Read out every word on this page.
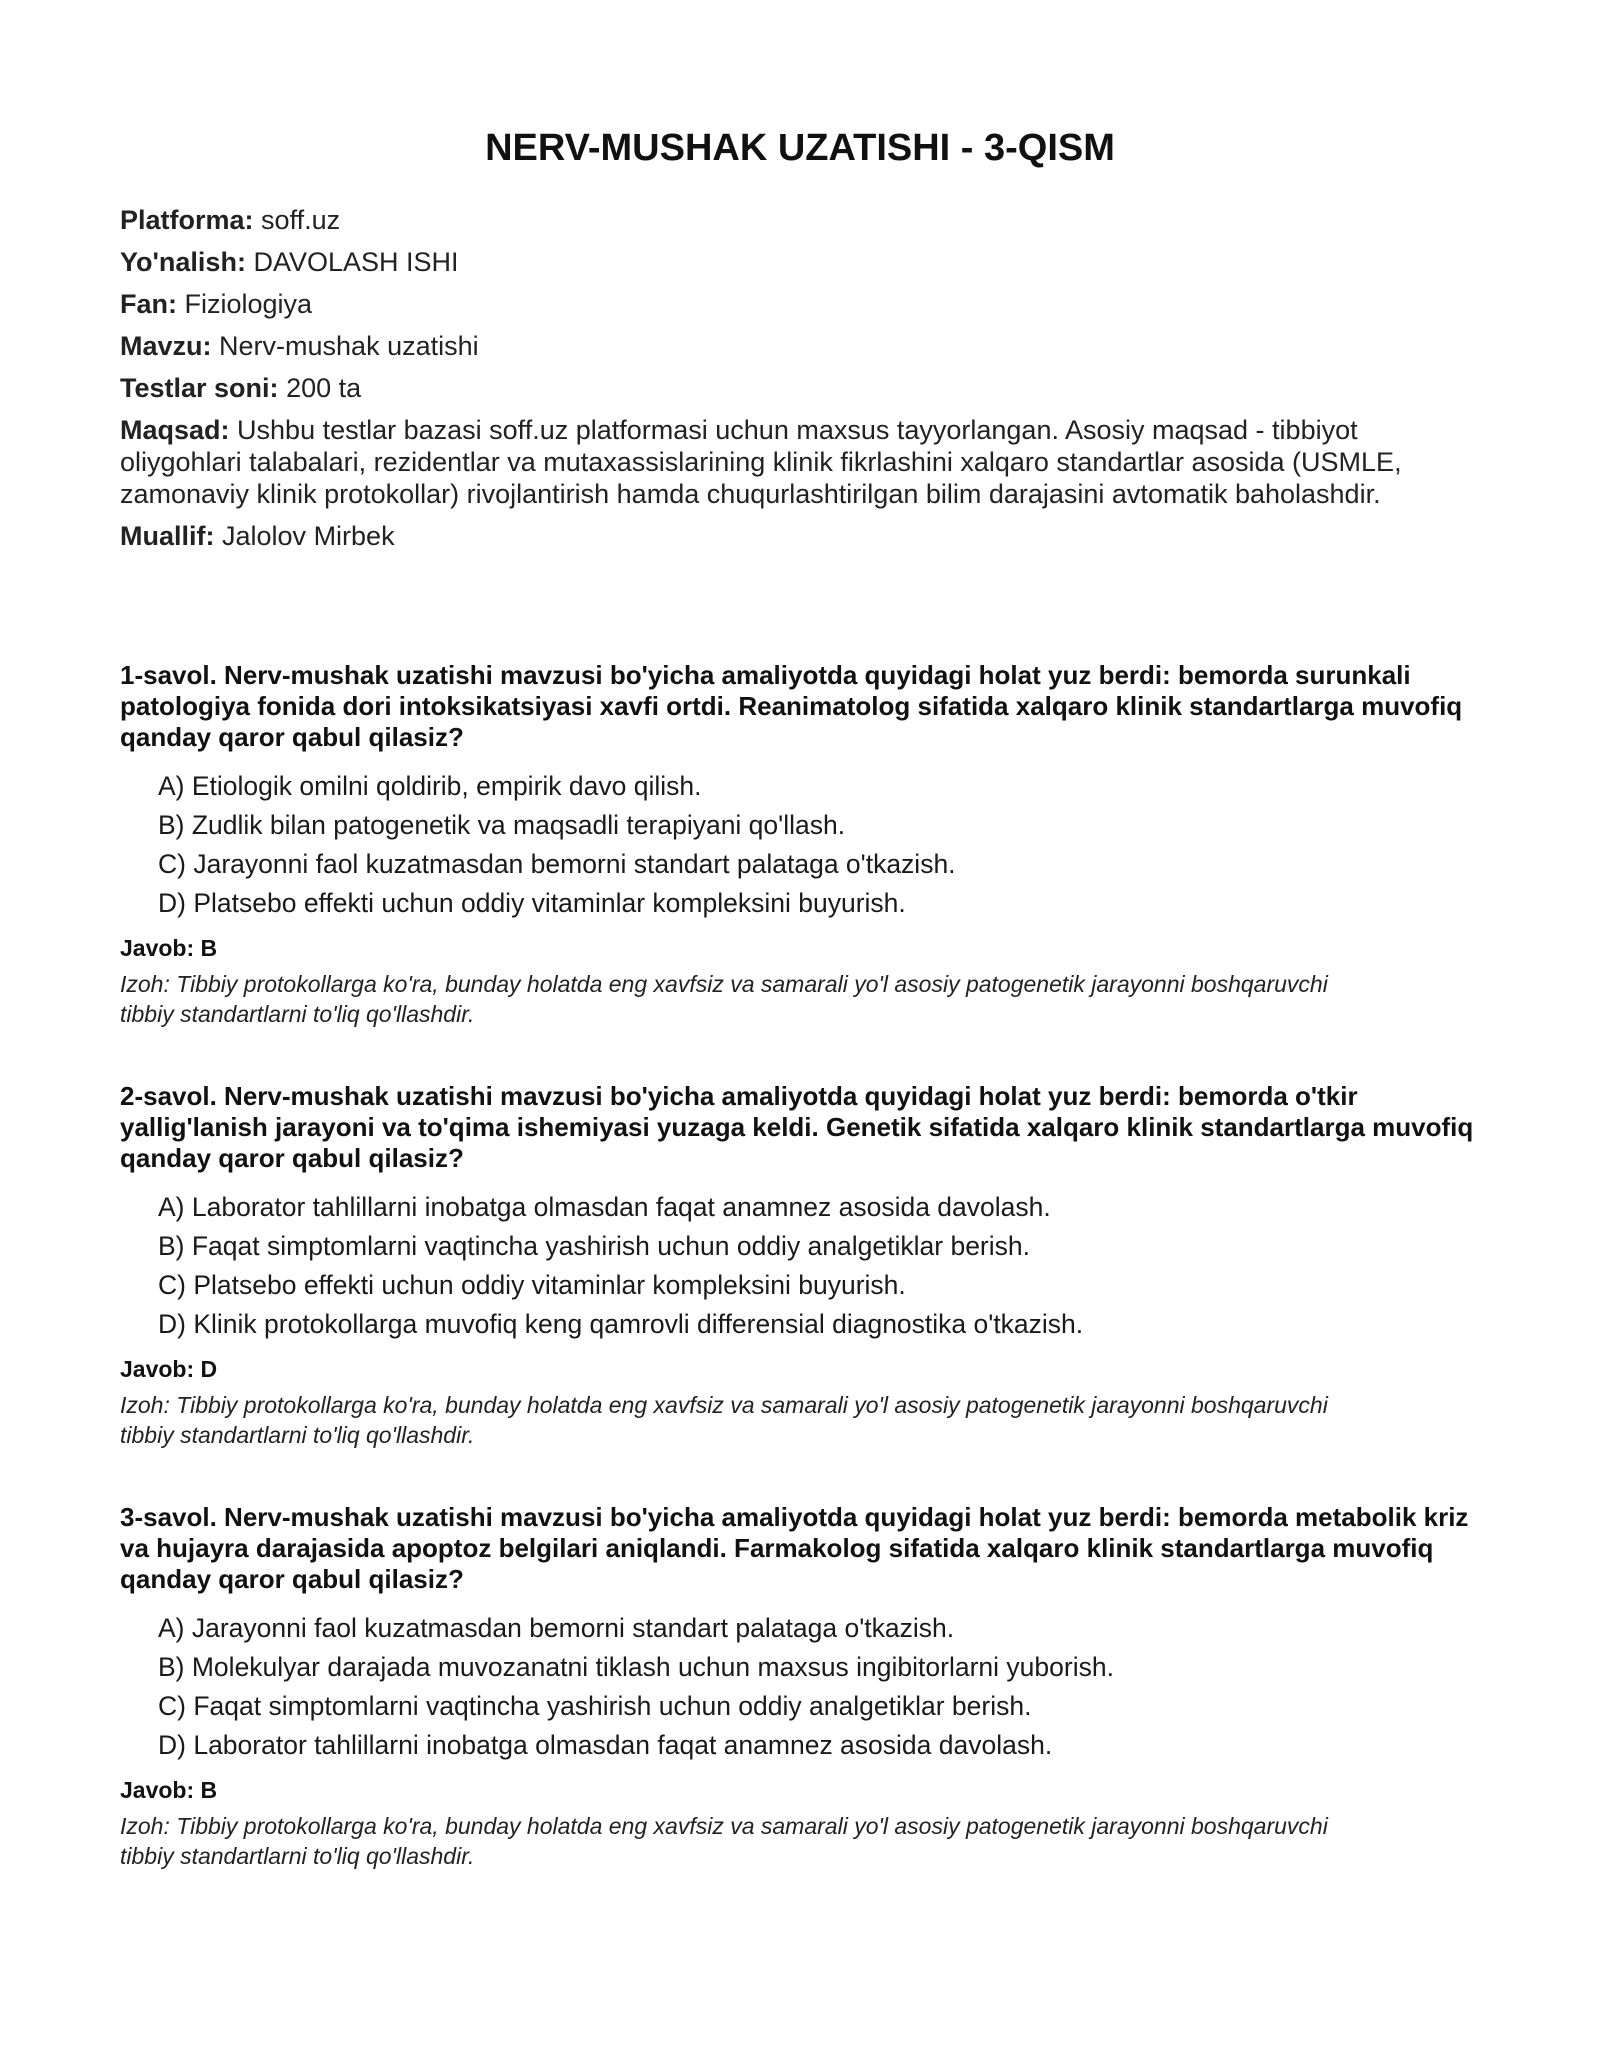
NERV-MUSHAK UZATISHI - 3-QISM

Platforma: soff.uz

Yo'nalish: DAVOLASH ISHI

Fan: Fiziologiya

Mavzu: Nerv-mushak uzatishi

Testlar soni: 200 ta

Maqsad: Ushbu testlar bazasi soff.uz platformasi uchun maxsus tayyorlangan. Asosiy maqsad - tibbiyot oliygohlari talabalari, rezidentlar va mutaxassislarining klinik fikrlashini xalqaro standartlar asosida (USMLE, zamonaviy klinik protokollar) rivojlantirish hamda chuqurlashtirilgan bilim darajasini avtomatik baholashdir.

Muallif: Jalolov Mirbek

1-savol. Nerv-mushak uzatishi mavzusi bo'yicha amaliyotda quyidagi holat yuz berdi: bemorda surunkali patologiya fonida dori intoksikatsiyasi xavfi ortdi. Reanimatolog sifatida xalqaro klinik standartlarga muvofiq qanday qaror qabul qilasiz?

A) Etiologik omilni qoldirib, empirik davo qilish.
B) Zudlik bilan patogenetik va maqsadli terapiyani qo'llash.
C) Jarayonni faol kuzatmasdan bemorni standart palataga o'tkazish.
D) Platsebo effekti uchun oddiy vitaminlar kompleksini buyurish.

Javob: B

Izoh: Tibbiy protokollarga ko'ra, bunday holatda eng xavfsiz va samarali yo'l asosiy patogenetik jarayonni boshqaruvchi tibbiy standartlarni to'liq qo'llashdir.

2-savol. Nerv-mushak uzatishi mavzusi bo'yicha amaliyotda quyidagi holat yuz berdi: bemorda o'tkir yallig'lanish jarayoni va to'qima ishemiyasi yuzaga keldi. Genetik sifatida xalqaro klinik standartlarga muvofiq qanday qaror qabul qilasiz?

A) Laborator tahlillarni inobatga olmasdan faqat anamnez asosida davolash.
B) Faqat simptomlarni vaqtincha yashirish uchun oddiy analgetiklar berish.
C) Platsebo effekti uchun oddiy vitaminlar kompleksini buyurish.
D) Klinik protokollarga muvofiq keng qamrovli differensial diagnostika o'tkazish.

Javob: D

Izoh: Tibbiy protokollarga ko'ra, bunday holatda eng xavfsiz va samarali yo'l asosiy patogenetik jarayonni boshqaruvchi tibbiy standartlarni to'liq qo'llashdir.

3-savol. Nerv-mushak uzatishi mavzusi bo'yicha amaliyotda quyidagi holat yuz berdi: bemorda metabolik kriz va hujayra darajasida apoptoz belgilari aniqlandi. Farmakolog sifatida xalqaro klinik standartlarga muvofiq qanday qaror qabul qilasiz?

A) Jarayonni faol kuzatmasdan bemorni standart palataga o'tkazish.
B) Molekulyar darajada muvozanatni tiklash uchun maxsus ingibitorlarni yuborish.
C) Faqat simptomlarni vaqtincha yashirish uchun oddiy analgetiklar berish.
D) Laborator tahlillarni inobatga olmasdan faqat anamnez asosida davolash.

Javob: B

Izoh: Tibbiy protokollarga ko'ra, bunday holatda eng xavfsiz va samarali yo'l asosiy patogenetik jarayonni boshqaruvchi tibbiy standartlarni to'liq qo'llashdir.
